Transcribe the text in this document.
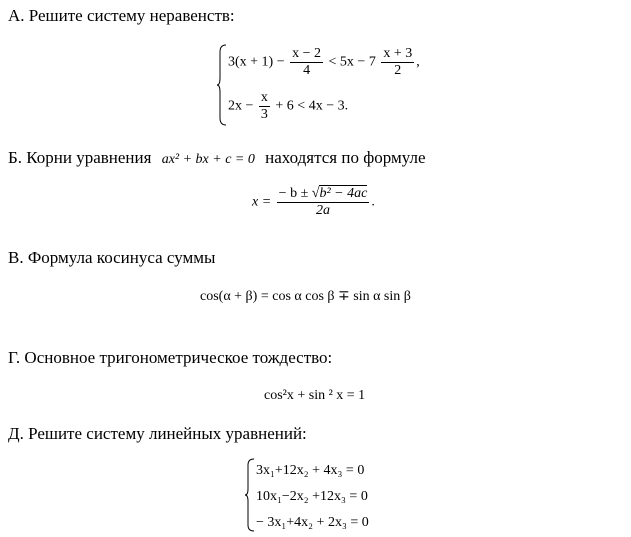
А. Решите систему неравенств:
$3(x + 1) - \frac{x - 2}{4} < 5x - 7 \frac{x + 3}{2}$ ,
$2x - \frac{x}{3} + 6 < 4x - 3$.
Б. Корни уравнения ax² + bx + c = 0 находятся по формуле
$x = \frac{\text{− b ± √b² − 4ac}}{2a}$ .
В. Формула косинуса суммы
cos(α + β) = cos α cos β ∓ sin α sin β
Г. Основное тригонометрическое тождество:
cos²x + sin ² x = 1
Д. Решите систему линейных уравнений:
3x₁+12x₂ + 4x₃ = 0
10x₁−2x₂ +12x₃ = 0
− 3x₁+4x₂ + 2x₃ = 0
